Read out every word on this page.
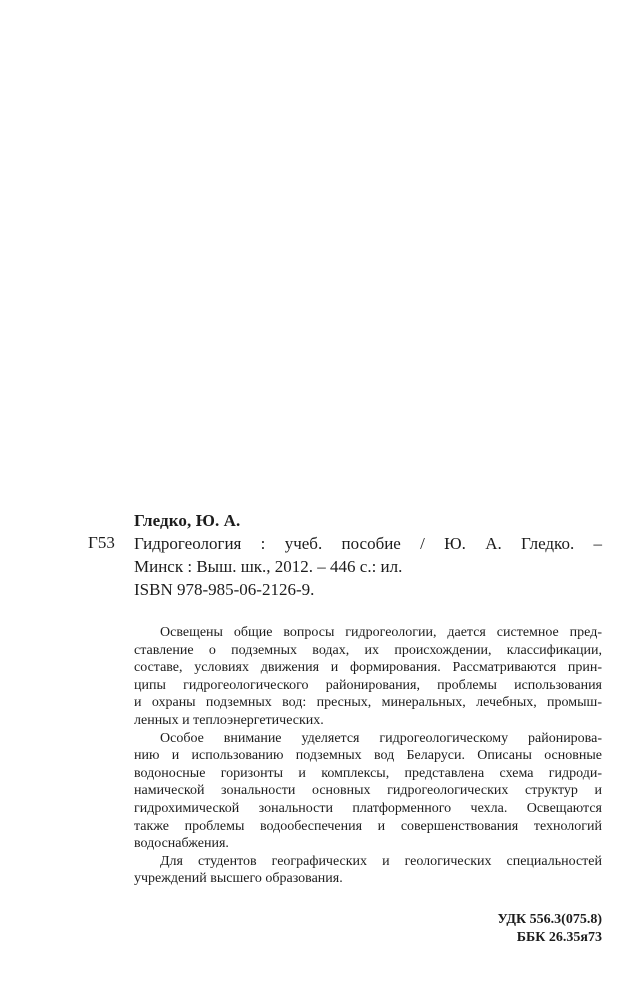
Гледко, Ю. А.
Г53 Гидрогеология : учеб. пособие / Ю. А. Гледко. –
Минск : Выш. шк., 2012. – 446 с.: ил.
ISBN 978-985-06-2126-9.
Освещены общие вопросы гидрогеологии, дается системное пред-
ставление о подземных водах, их происхождении, классификации,
составе, условиях движения и формирования. Рассматриваются прин-
ципы гидрогеологического районирования, проблемы использования
и охраны подземных вод: пресных, минеральных, лечебных, промыш-
ленных и теплоэнергетических.
Особое внимание уделяется гидрогеологическому районирова-
нию и использованию подземных вод Беларуси. Описаны основные
водоносные горизонты и комплексы, представлена схема гидроди-
намической зональности основных гидрогеологических структур и
гидрохимической зональности платформенного чехла. Освещаются
также проблемы водообеспечения и совершенствования технологий
водоснабжения.
Для студентов географических и геологических специальностей
учреждений высшего образования.
УДК 556.3(075.8)
ББК 26.35я73
